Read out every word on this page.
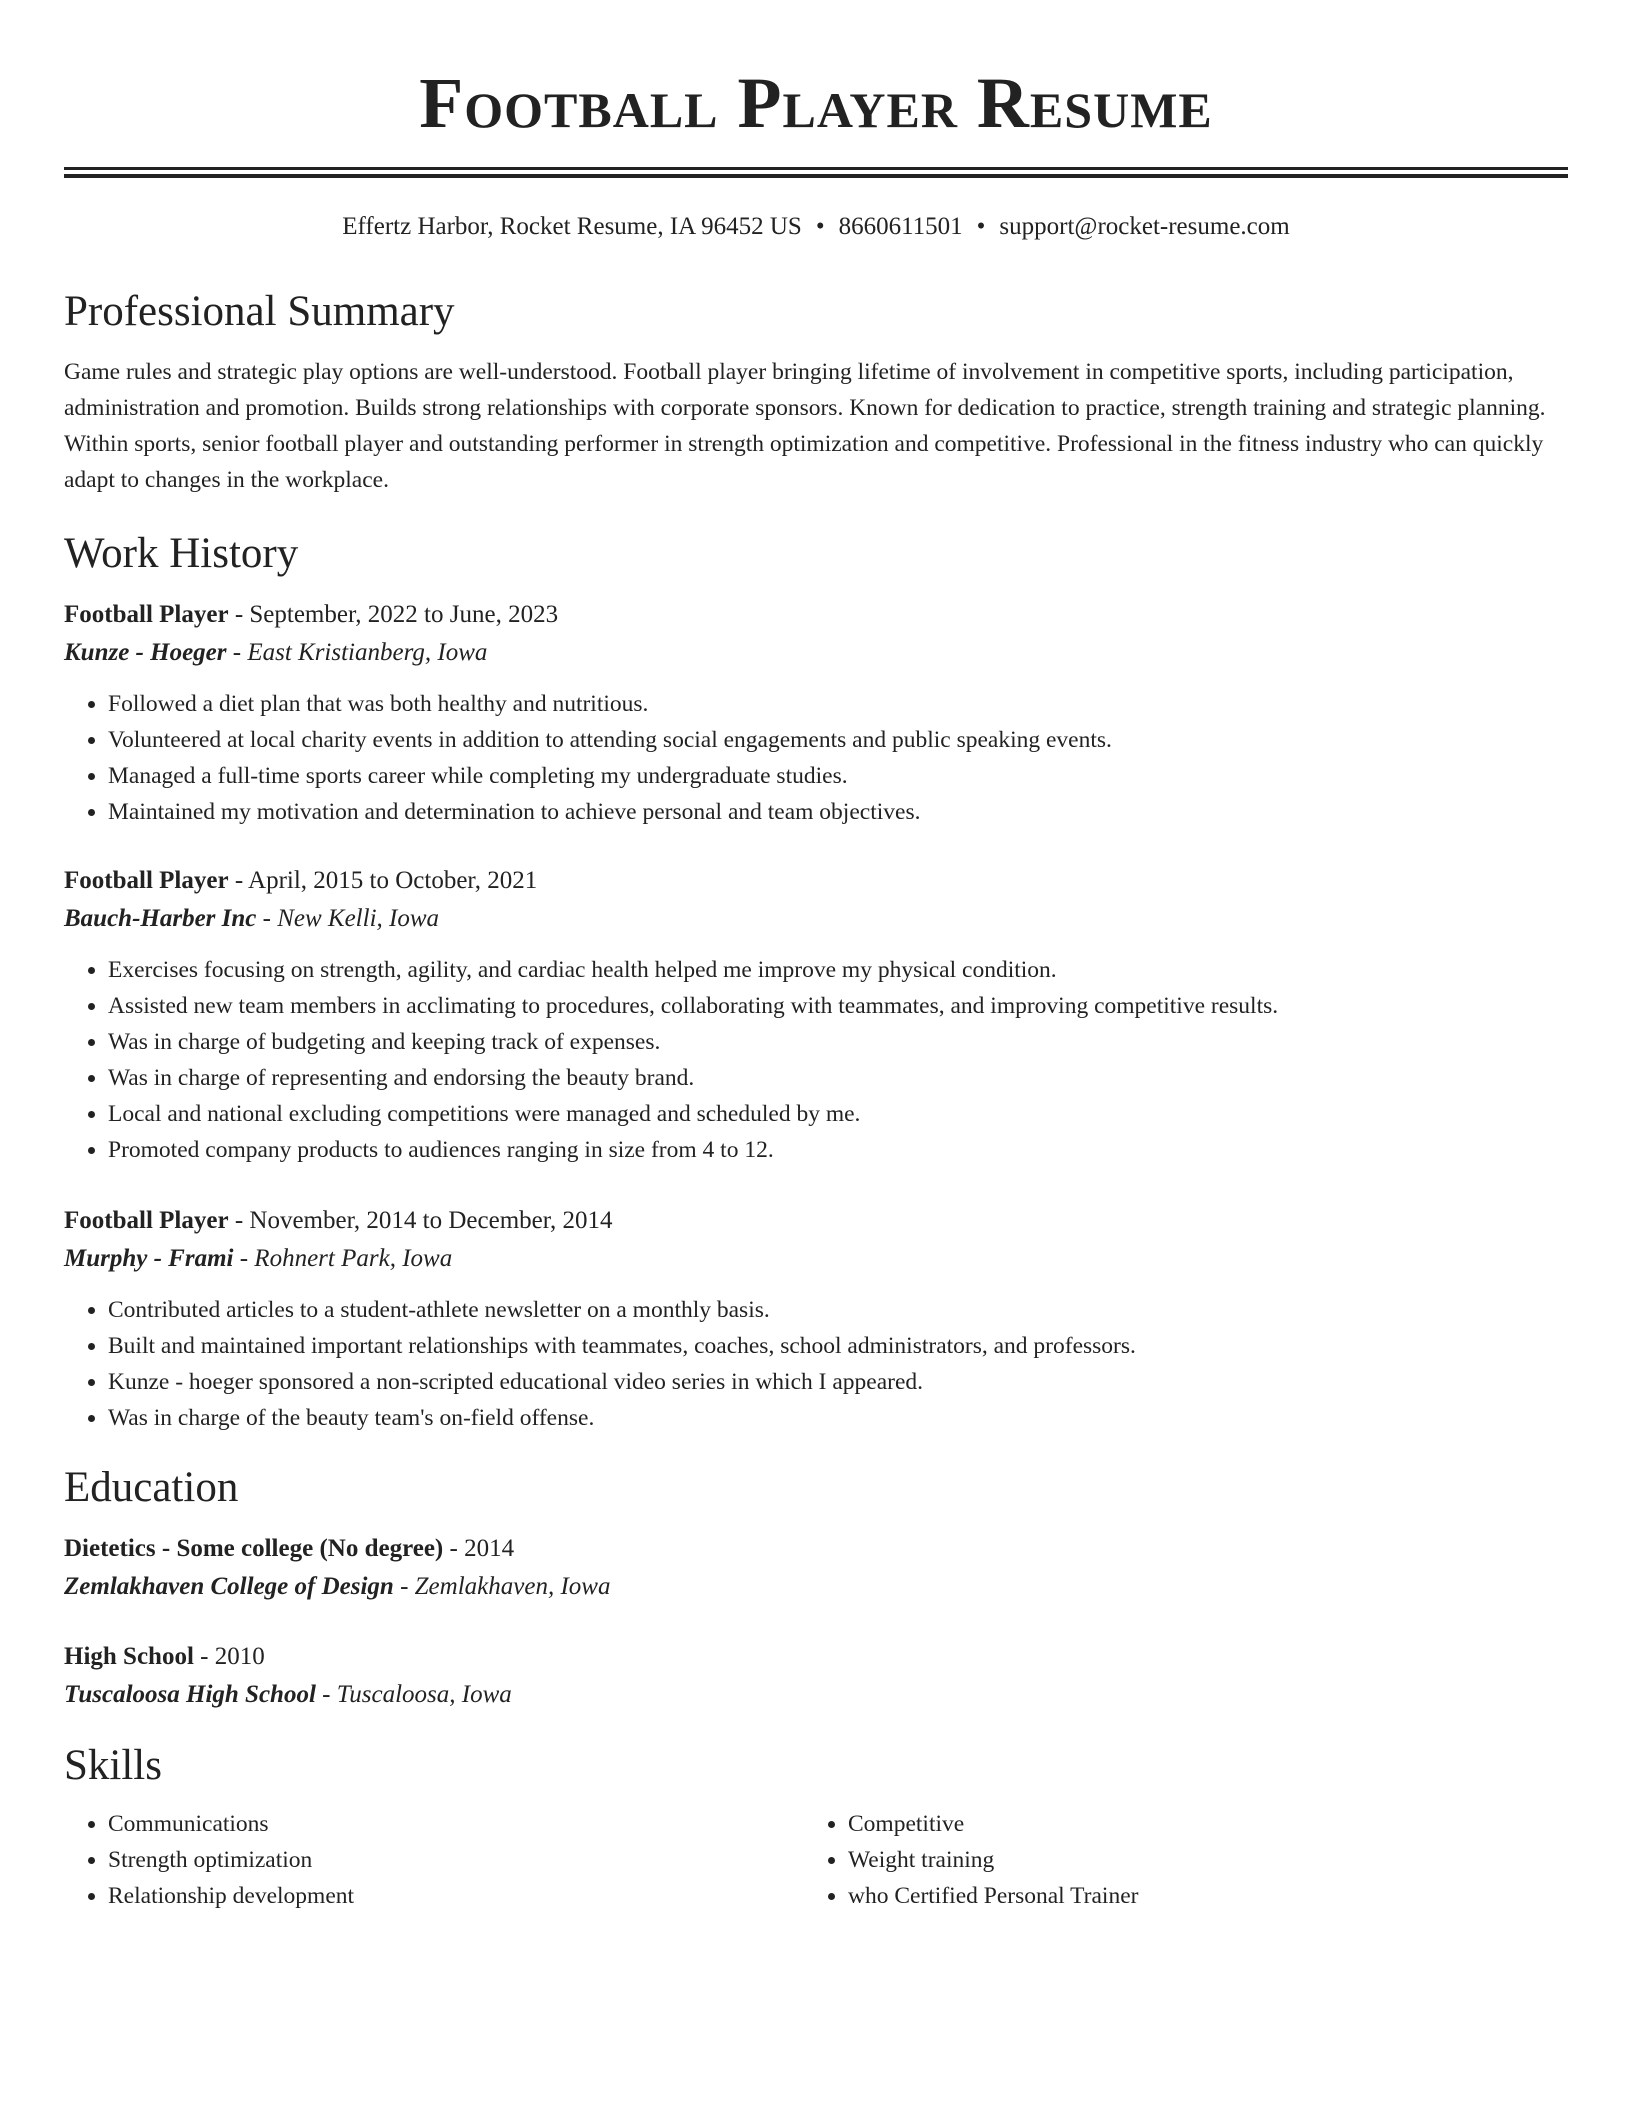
Football Player Resume
Effertz Harbor, Rocket Resume, IA 96452 US • 8660611501 • support@rocket-resume.com
Professional Summary

Game rules and strategic play options are well-understood. Football player bringing lifetime of involvement in competitive sports, including participation, administration and promotion. Builds strong relationships with corporate sponsors. Known for dedication to practice, strength training and strategic planning. Within sports, senior football player and outstanding performer in strength optimization and competitive. Professional in the fitness industry who can quickly adapt to changes in the workplace.

Work History

Football Player - September, 2022 to June, 2023

Kunze - Hoeger - East Kristianberg, Iowa

• Followed a diet plan that was both healthy and nutritious.
• Volunteered at local charity events in addition to attending social engagements and public speaking events.
• Managed a full-time sports career while completing my undergraduate studies.
• Maintained my motivation and determination to achieve personal and team objectives.

Football Player - April, 2015 to October, 2021

Bauch-Harber Inc - New Kelli, Iowa

• Exercises focusing on strength, agility, and cardiac health helped me improve my physical condition.
• Assisted new team members in acclimating to procedures, collaborating with teammates, and improving competitive results.
• Was in charge of budgeting and keeping track of expenses.
• Was in charge of representing and endorsing the beauty brand.
• Local and national excluding competitions were managed and scheduled by me.
• Promoted company products to audiences ranging in size from 4 to 12.

Football Player - November, 2014 to December, 2014

Murphy - Frami - Rohnert Park, Iowa

• Contributed articles to a student-athlete newsletter on a monthly basis.
• Built and maintained important relationships with teammates, coaches, school administrators, and professors.
• Kunze - hoeger sponsored a non-scripted educational video series in which I appeared.
• Was in charge of the beauty team's on-field offense.
Education

Dietetics - Some college (No degree) - 2014

Zemlakhaven College of Design - Zemlakhaven, Iowa

High School - 2010

Tuscaloosa High School - Tuscaloosa, Iowa

Skills
• Communications
• Strength optimization
• Relationship development
• Competitive
• Weight training
• who Certified Personal Trainer
